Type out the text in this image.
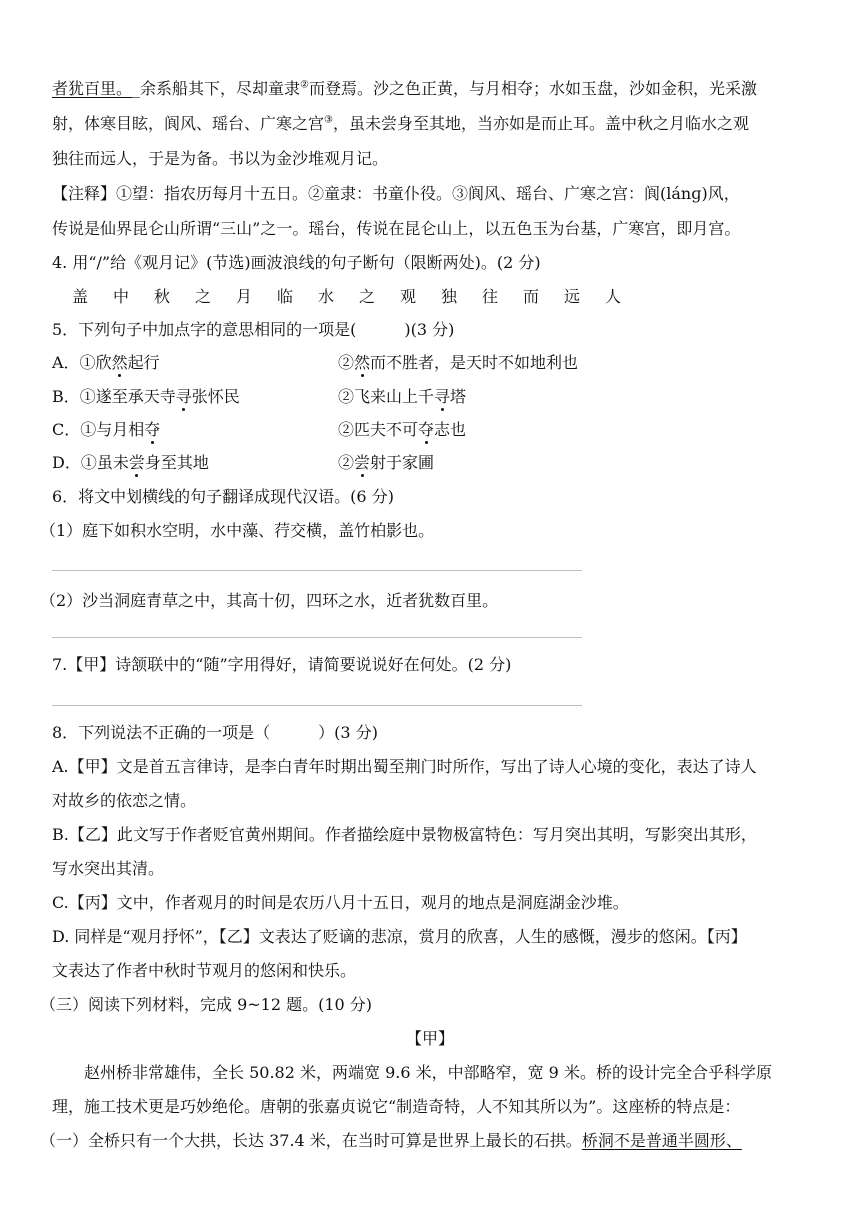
者犹百里。_余系船其下，尽却童隶②而登焉。沙之色正黄，与月相夺；水如玉盘，沙如金积，光采激
射，体寒目眩，阆风、瑶台、广寒之宫③，虽未尝身至其地，当亦如是而止耳。盖中秋之月临水之观
独往而远人，于是为备。书以为金沙堆观月记。
【注释】①望：指农历每月十五日。②童隶：书童仆役。③阆风、瑶台、广寒之宫：阆(lánɡ)风，
传说是仙界昆仑山所谓“三山”之一。瑶台，传说在昆仑山上，以五色玉为台基，广寒宫，即月宫。
4. 用“/”给《观月记》(节选)画波浪线的句子断句（限断两处)。(2 分)
盖 中 秋 之 月 临 水 之 观 独 往 而 远 人
5．下列句子中加点字的意思相同的一项是(　　　)(3 分)
A．①欣然起行	②然而不胜者，是天时不如地利也
B．①遂至承天寺寻张怀民	②飞来山上千寻塔
C．①与月相夺	②匹夫不可夺志也
D．①虽未尝身至其地	②尝射于家圃
6．将文中划横线的句子翻译成现代汉语。(6 分)
（1）庭下如积水空明，水中藻、荇交横，盖竹柏影也。
（2）沙当洞庭青草之中，其高十仞，四环之水，近者犹数百里。
7.【甲】诗颔联中的“随”字用得好，请简要说说好在何处。(2 分)
8．下列说法不正确的一项是（　　　）(3 分)
A.【甲】文是首五言律诗，是李白青年时期出蜀至荆门时所作，写出了诗人心境的变化，表达了诗人
对故乡的依恋之情。
B.【乙】此文写于作者贬官黄州期间。作者描绘庭中景物极富特色：写月突出其明，写影突出其形，
写水突出其清。
C.【丙】文中，作者观月的时间是农历八月十五日，观月的地点是洞庭湖金沙堆。
D. 同样是“观月抒怀”，【乙】文表达了贬谪的悲凉，赏月的欣喜，人生的感慨，漫步的悠闲。【丙】
文表达了作者中秋时节观月的悠闲和快乐。
（三）阅读下列材料，完成 9~12 题。(10 分)
【甲】
　　赵州桥非常雄伟，全长 50.82 米，两端宽 9.6 米，中部略窄，宽 9 米。桥的设计完全合乎科学原
理，施工技术更是巧妙绝伦。唐朝的张嘉贞说它“制造奇特，人不知其所以为”。这座桥的特点是：
（一）全桥只有一个大拱，长达 37.4 米，在当时可算是世界上最长的石拱。桥洞不是普通半圆形、
